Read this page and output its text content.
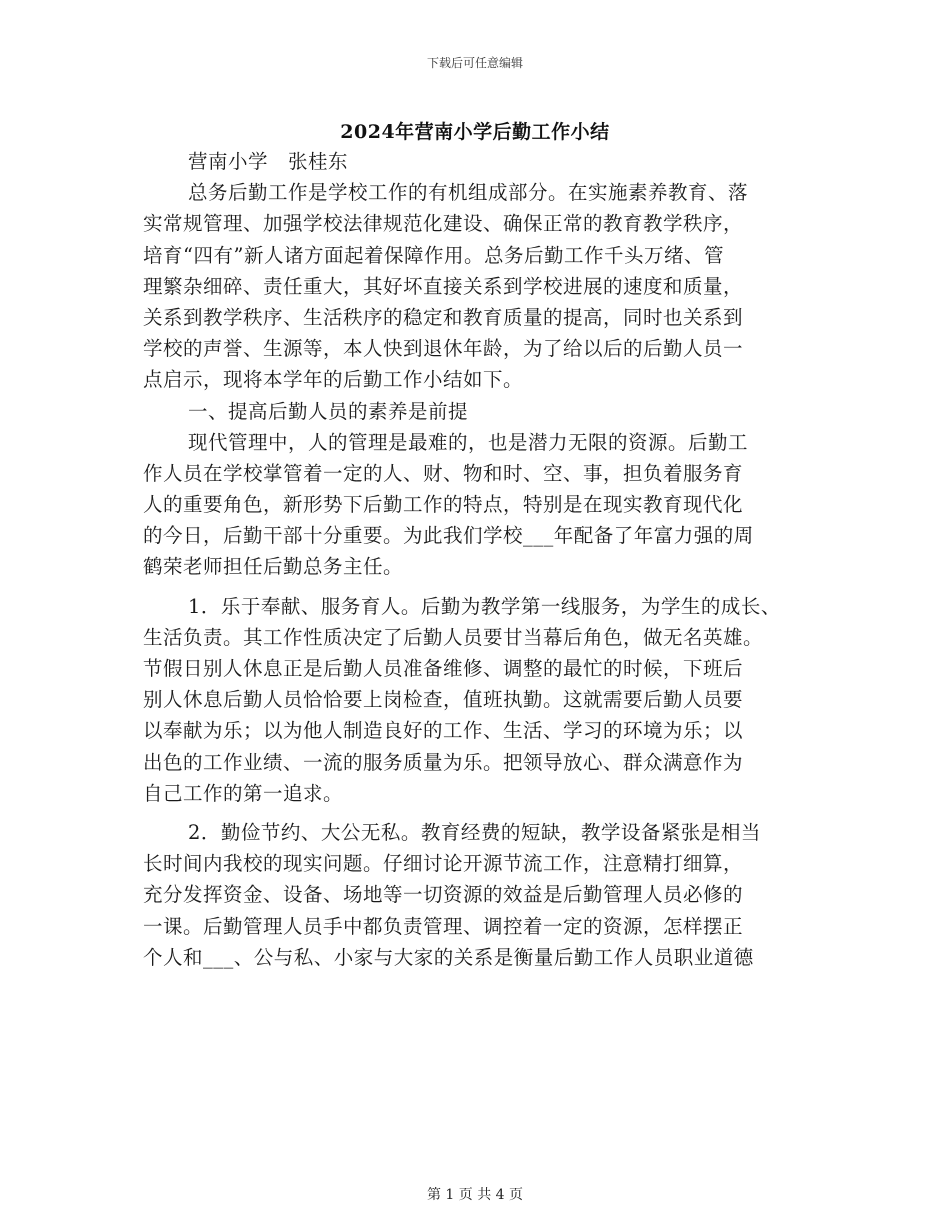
下载后可任意编辑
2024年营南小学后勤工作小结
营南小学　张桂东
总务后勤工作是学校工作的有机组成部分。在实施素养教育、落
实常规管理、加强学校法律规范化建设、确保正常的教育教学秩序，
培育“四有”新人诸方面起着保障作用。总务后勤工作千头万绪、管
理繁杂细碎、责任重大，其好坏直接关系到学校进展的速度和质量，
关系到教学秩序、生活秩序的稳定和教育质量的提高，同时也关系到
学校的声誉、生源等，本人快到退休年龄，为了给以后的后勤人员一
点启示，现将本学年的后勤工作小结如下。
一、提高后勤人员的素养是前提
现代管理中，人的管理是最难的，也是潜力无限的资源。后勤工
作人员在学校掌管着一定的人、财、物和时、空、事，担负着服务育
人的重要角色，新形势下后勤工作的特点，特别是在现实教育现代化
的今日，后勤干部十分重要。为此我们学校___年配备了年富力强的周
鹤荣老师担任后勤总务主任。
1．乐于奉献、服务育人。后勤为教学第一线服务，为学生的成长、
生活负责。其工作性质决定了后勤人员要甘当幕后角色，做无名英雄。
节假日别人休息正是后勤人员准备维修、调整的最忙的时候，下班后
别人休息后勤人员恰恰要上岗检查，值班执勤。这就需要后勤人员要
以奉献为乐；以为他人制造良好的工作、生活、学习的环境为乐；以
出色的工作业绩、一流的服务质量为乐。把领导放心、群众满意作为
自己工作的第一追求。
2．勤俭节约、大公无私。教育经费的短缺，教学设备紧张是相当
长时间内我校的现实问题。仔细讨论开源节流工作，注意精打细算，
充分发挥资金、设备、场地等一切资源的效益是后勤管理人员必修的
一课。后勤管理人员手中都负责管理、调控着一定的资源，怎样摆正
个人和___、公与私、小家与大家的关系是衡量后勤工作人员职业道德
第 1 页 共 4 页
